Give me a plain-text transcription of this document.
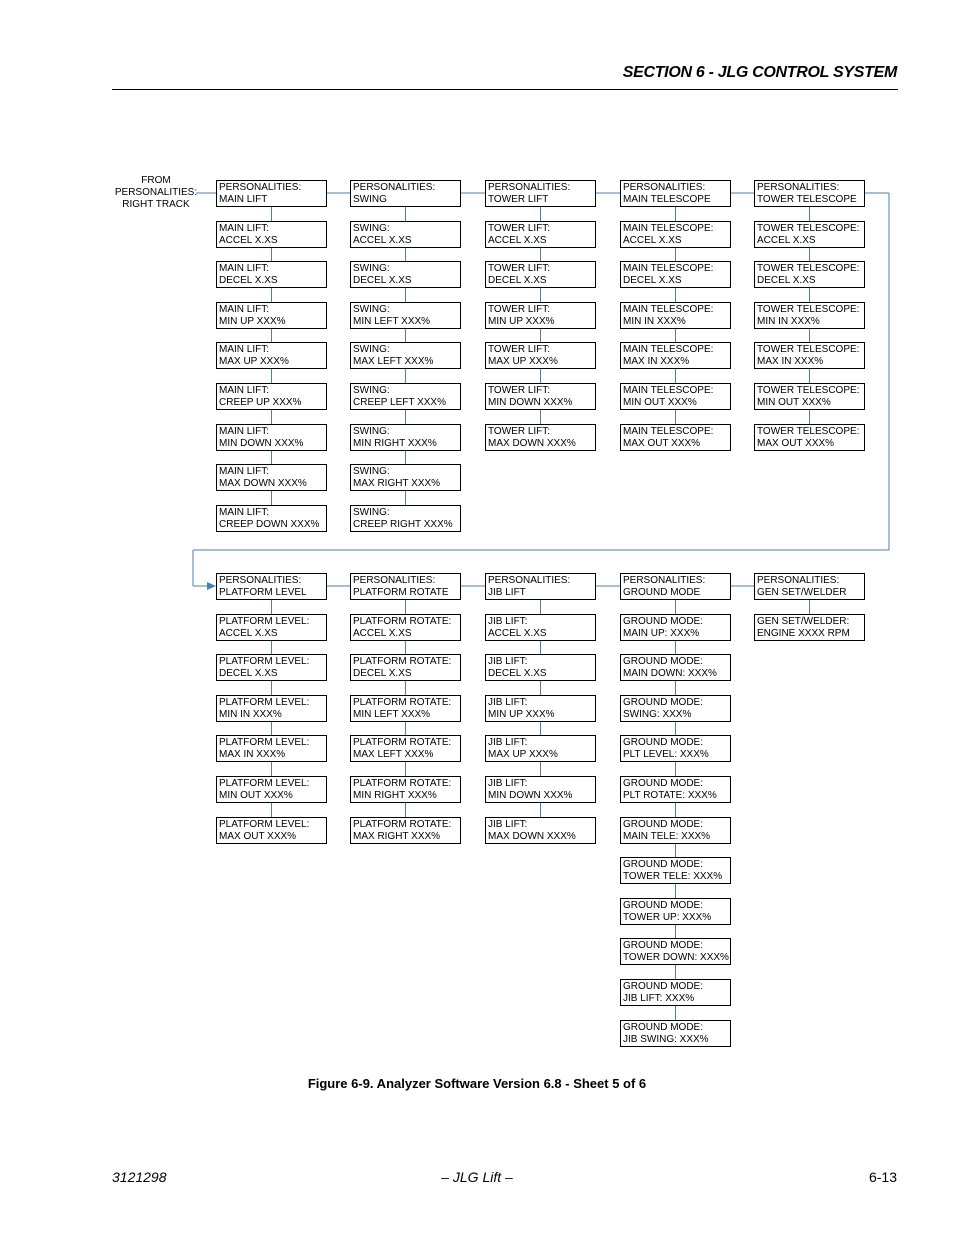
SECTION 6 - JLG CONTROL SYSTEM
FROM
PERSONALITIES:
RIGHT TRACK
PERSONALITIES:
MAIN LIFT
MAIN LIFT:
ACCEL X.XS
MAIN LIFT:
DECEL X.XS
MAIN LIFT:
MIN UP XXX%
MAIN LIFT:
MAX UP XXX%
MAIN LIFT:
CREEP UP XXX%
MAIN LIFT:
MIN DOWN XXX%
MAIN LIFT:
MAX DOWN XXX%
MAIN LIFT:
CREEP DOWN XXX%
PERSONALITIES:
SWING
SWING:
ACCEL X.XS
SWING:
DECEL X.XS
SWING:
MIN LEFT XXX%
SWING:
MAX LEFT XXX%
SWING:
CREEP LEFT XXX%
SWING:
MIN RIGHT XXX%
SWING:
MAX RIGHT XXX%
SWING:
CREEP RIGHT XXX%
PERSONALITIES:
TOWER LIFT
TOWER LIFT:
ACCEL X.XS
TOWER LIFT:
DECEL X.XS
TOWER LIFT:
MIN UP XXX%
TOWER LIFT:
MAX UP XXX%
TOWER LIFT:
MIN DOWN XXX%
TOWER LIFT:
MAX DOWN XXX%
PERSONALITIES:
MAIN TELESCOPE
MAIN TELESCOPE:
ACCEL X.XS
MAIN TELESCOPE:
DECEL X.XS
MAIN TELESCOPE:
MIN IN XXX%
MAIN TELESCOPE:
MAX IN XXX%
MAIN TELESCOPE:
MIN OUT XXX%
MAIN TELESCOPE:
MAX OUT XXX%
PERSONALITIES:
TOWER TELESCOPE
TOWER TELESCOPE:
ACCEL X.XS
TOWER TELESCOPE:
DECEL X.XS
TOWER TELESCOPE:
MIN IN XXX%
TOWER TELESCOPE:
MAX IN XXX%
TOWER TELESCOPE:
MIN OUT XXX%
TOWER TELESCOPE:
MAX OUT XXX%
PERSONALITIES:
PLATFORM LEVEL
PLATFORM LEVEL:
ACCEL X.XS
PLATFORM LEVEL:
DECEL X.XS
PLATFORM LEVEL:
MIN IN XXX%
PLATFORM LEVEL:
MAX IN XXX%
PLATFORM LEVEL:
MIN OUT XXX%
PLATFORM LEVEL:
MAX OUT XXX%
PERSONALITIES:
PLATFORM ROTATE
PLATFORM ROTATE:
ACCEL X.XS
PLATFORM ROTATE:
DECEL X.XS
PLATFORM ROTATE:
MIN LEFT XXX%
PLATFORM ROTATE:
MAX LEFT XXX%
PLATFORM ROTATE:
MIN RIGHT XXX%
PLATFORM ROTATE:
MAX RIGHT XXX%
PERSONALITIES:
JIB LIFT
JIB LIFT:
ACCEL X.XS
JIB LIFT:
DECEL X.XS
JIB LIFT:
MIN UP XXX%
JIB LIFT:
MAX UP XXX%
JIB LIFT:
MIN DOWN XXX%
JIB LIFT:
MAX DOWN XXX%
PERSONALITIES:
GROUND MODE
GROUND MODE:
MAIN UP: XXX%
GROUND MODE:
MAIN DOWN: XXX%
GROUND MODE:
SWING: XXX%
GROUND MODE:
PLT LEVEL: XXX%
GROUND MODE:
PLT ROTATE: XXX%
GROUND MODE:
MAIN TELE: XXX%
GROUND MODE:
TOWER TELE: XXX%
GROUND MODE:
TOWER UP: XXX%
GROUND MODE:
TOWER DOWN: XXX%
GROUND MODE:
JIB LIFT: XXX%
GROUND MODE:
JIB SWING: XXX%
PERSONALITIES:
GEN SET/WELDER
GEN SET/WELDER:
ENGINE XXXX RPM
Figure 6-9. Analyzer Software Version 6.8 - Sheet 5 of 6
3121298	– JLG Lift –	6-13
